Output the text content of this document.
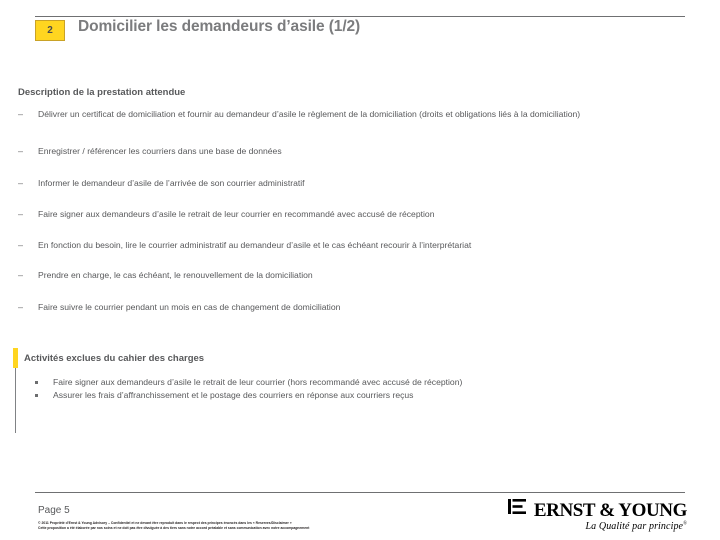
2	Domicilier les demandeurs d’asile (1/2)
Description de la prestation attendue
–	Délivrer un certificat de domiciliation et fournir au demandeur d’asile le règlement de la domiciliation (droits et obligations liés à la domiciliation)
–	Enregistrer / référencer les courriers dans une base de données
–	Informer le demandeur d’asile de l’arrivée de son courrier administratif
–	Faire signer aux demandeurs d’asile le retrait de leur courrier en recommandé avec accusé de réception
–	En fonction du besoin, lire le courrier administratif au demandeur d’asile et le cas échéant recourir à l’interprétariat
–	Prendre en charge, le cas échéant, le renouvellement de la domiciliation
–	Faire suivre le courrier pendant un mois en cas de changement de domiciliation
Activités exclues du cahier des charges
Faire signer aux demandeurs d’asile le retrait de leur courrier (hors recommandé avec accusé de réception)
Assurer les frais d’affranchissement et le postage des courriers en réponse aux courriers reçus
Page 5
© 2011 Propriété d’Ernst & Young Advisory – Confidentiel et ne devant être reproduit dans le respect des principes énoncés dans les « Reserves/Disclaimer »
Cette proposition a été élaborée par nos soins et ne doit pas être divulguée à des tiers sans notre accord préalable et sans communication avec notre accompagnement
ERNST & YOUNG
La Qualité par principe®
